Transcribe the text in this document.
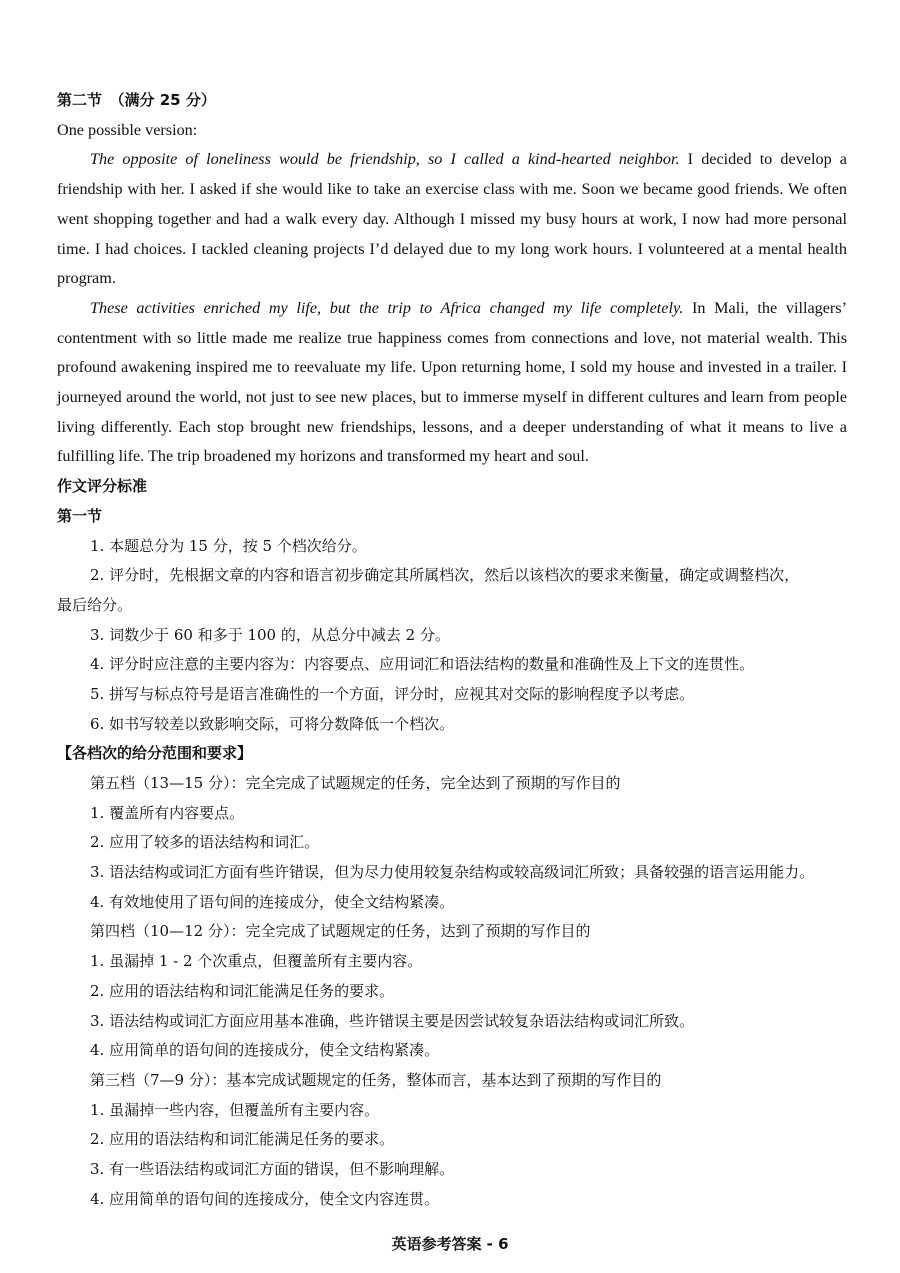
第二节　（满分 25 分）

One possible version:

The opposite of loneliness would be friendship, so I called a kind-hearted neighbor. I decided to develop a friendship with her. I asked if she would like to take an exercise class with me. Soon we became good friends. We often went shopping together and had a walk every day. Although I missed my busy hours at work, I now had more personal time. I had choices. I tackled cleaning projects I’d delayed due to my long work hours. I volunteered at a mental health program.

These activities enriched my life, but the trip to Africa changed my life completely. In Mali, the villagers’ contentment with so little made me realize true happiness comes from connections and love, not material wealth. This profound awakening inspired me to reevaluate my life. Upon returning home, I sold my house and invested in a trailer. I journeyed around the world, not just to see new places, but to immerse myself in different cultures and learn from people living differently. Each stop brought new friendships, lessons, and a deeper understanding of what it means to live a fulfilling life. The trip broadened my horizons and transformed my heart and soul.

作文评分标准
第一节
1. 本题总分为 15 分，按 5 个档次给分。
2. 评分时，先根据文章的内容和语言初步确定其所属档次，然后以该档次的要求来衡量，确定或调整档次，
最后给分。
3. 词数少于 60 和多于 100 的，从总分中减去 2 分。
4. 评分时应注意的主要内容为：内容要点、应用词汇和语法结构的数量和准确性及上下文的连贯性。
5. 拼写与标点符号是语言准确性的一个方面，评分时，应视其对交际的影响程度予以考虑。
6. 如书写较差以致影响交际，可将分数降低一个档次。
【各档次的给分范围和要求】
第五档（13—15 分）：完全完成了试题规定的任务，完全达到了预期的写作目的
1. 覆盖所有内容要点。
2. 应用了较多的语法结构和词汇。
3. 语法结构或词汇方面有些许错误，但为尽力使用较复杂结构或较高级词汇所致；具备较强的语言运用能力。
4. 有效地使用了语句间的连接成分，使全文结构紧凑。
第四档（10—12 分）：完全完成了试题规定的任务，达到了预期的写作目的
1. 虽漏掉 1 - 2 个次重点，但覆盖所有主要内容。
2. 应用的语法结构和词汇能满足任务的要求。
3. 语法结构或词汇方面应用基本准确，些许错误主要是因尝试较复杂语法结构或词汇所致。
4. 应用简单的语句间的连接成分，使全文结构紧凑。
第三档（7—9 分）：基本完成试题规定的任务，整体而言，基本达到了预期的写作目的
1. 虽漏掉一些内容，但覆盖所有主要内容。
2. 应用的语法结构和词汇能满足任务的要求。
3. 有一些语法结构或词汇方面的错误，但不影响理解。
4. 应用简单的语句间的连接成分，使全文内容连贯。
英语参考答案 - 6
